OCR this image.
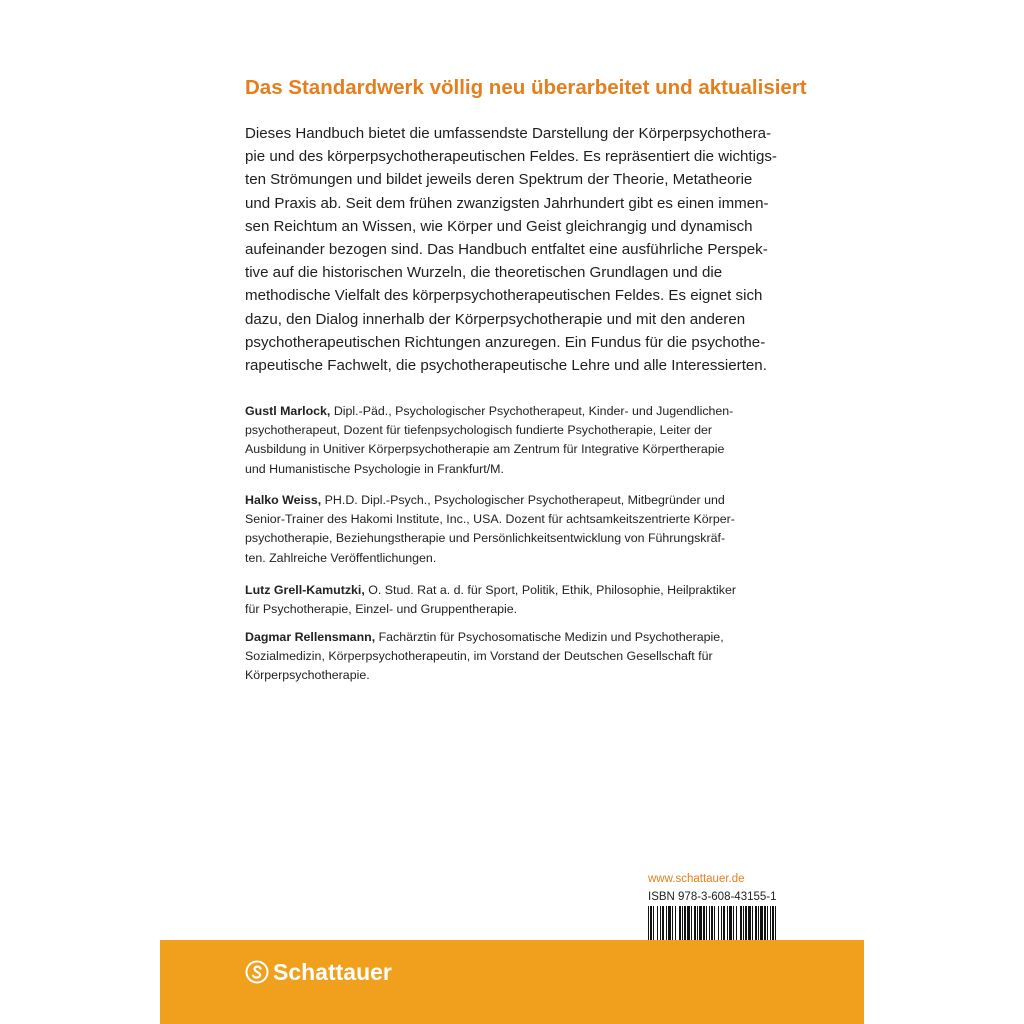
Das Standardwerk völlig neu überarbeitet und aktualisiert
Dieses Handbuch bietet die umfassendste Darstellung der Körperpsychothera-
pie und des körperpsychotherapeutischen Feldes. Es repräsentiert die wichtigs-
ten Strömungen und bildet jeweils deren Spektrum der Theorie, Metatheorie
und Praxis ab. Seit dem frühen zwanzigsten Jahrhundert gibt es einen immen-
sen Reichtum an Wissen, wie Körper und Geist gleichrangig und dynamisch
aufeinander bezogen sind. Das Handbuch entfaltet eine ausführliche Perspek-
tive auf die historischen Wurzeln, die theoretischen Grundlagen und die
methodische Vielfalt des körperpsychotherapeutischen Feldes. Es eignet sich
dazu, den Dialog innerhalb der Körperpsychotherapie und mit den anderen
psychotherapeutischen Richtungen anzuregen. Ein Fundus für die psychothe-
rapeutische Fachwelt, die psychotherapeutische Lehre und alle Interessierten.
Gustl Marlock, Dipl.-Päd., Psychologischer Psychotherapeut, Kinder- und Jugendlichen-
psychotherapeut, Dozent für tiefenpsychologisch fundierte Psychotherapie, Leiter der
Ausbildung in Unitiver Körperpsychotherapie am Zentrum für Integrative Körpertherapie
und Humanistische Psychologie in Frankfurt/M.
Halko Weiss, PH.D. Dipl.-Psych., Psychologischer Psychotherapeut, Mitbegründer und
Senior-Trainer des Hakomi Institute, Inc., USA. Dozent für achtsamkeitszentrierte Körper-
psychotherapie, Beziehungstherapie und Persönlichkeitsentwicklung von Führungskräf-
ten. Zahlreiche Veröffentlichungen.
Lutz Grell-Kamutzki, O. Stud. Rat a. d. für Sport, Politik, Ethik, Philosophie, Heilpraktiker
für Psychotherapie, Einzel- und Gruppentherapie.
Dagmar Rellensmann, Fachärztin für Psychosomatische Medizin und Psychotherapie,
Sozialmedizin, Körperpsychotherapeutin, im Vorstand der Deutschen Gesellschaft für
Körperpsychotherapie.

www.schattauer.de

ISBN 978-3-608-43155-1

Schattauer
